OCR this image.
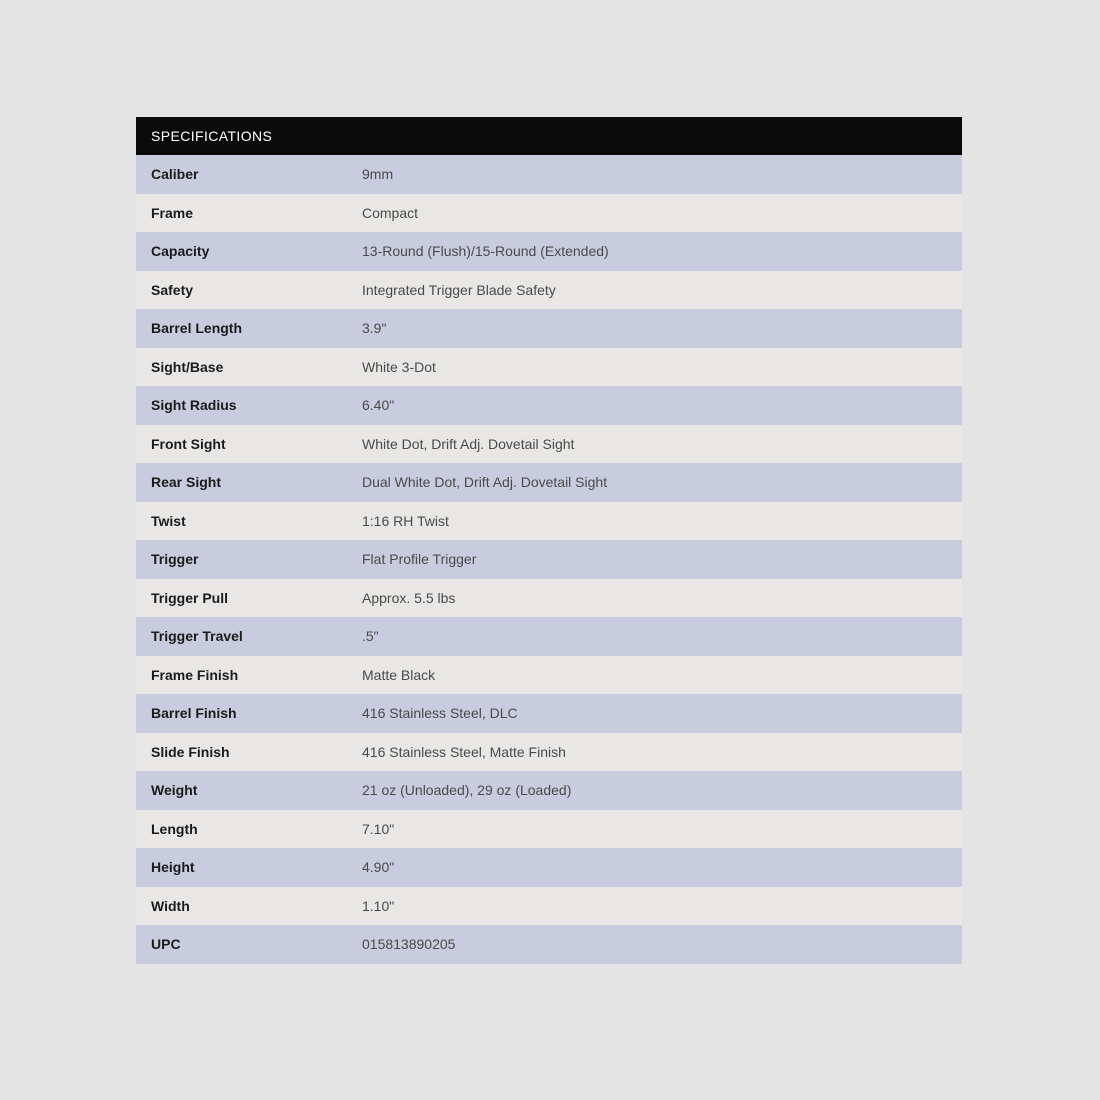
SPECIFICATIONS
Caliber	9mm
Frame	Compact
Capacity	13-Round (Flush)/15-Round (Extended)
Safety	Integrated Trigger Blade Safety
Barrel Length	3.9"
Sight/Base	White 3-Dot
Sight Radius	6.40"
Front Sight	White Dot, Drift Adj. Dovetail Sight
Rear Sight	Dual White Dot, Drift Adj. Dovetail Sight
Twist	1:16 RH Twist
Trigger	Flat Profile Trigger
Trigger Pull	Approx. 5.5 lbs
Trigger Travel	.5"
Frame Finish	Matte Black
Barrel Finish	416 Stainless Steel, DLC
Slide Finish	416 Stainless Steel, Matte Finish
Weight	21 oz (Unloaded), 29 oz (Loaded)
Length	7.10"
Height	4.90"
Width	1.10"
UPC	015813890205
